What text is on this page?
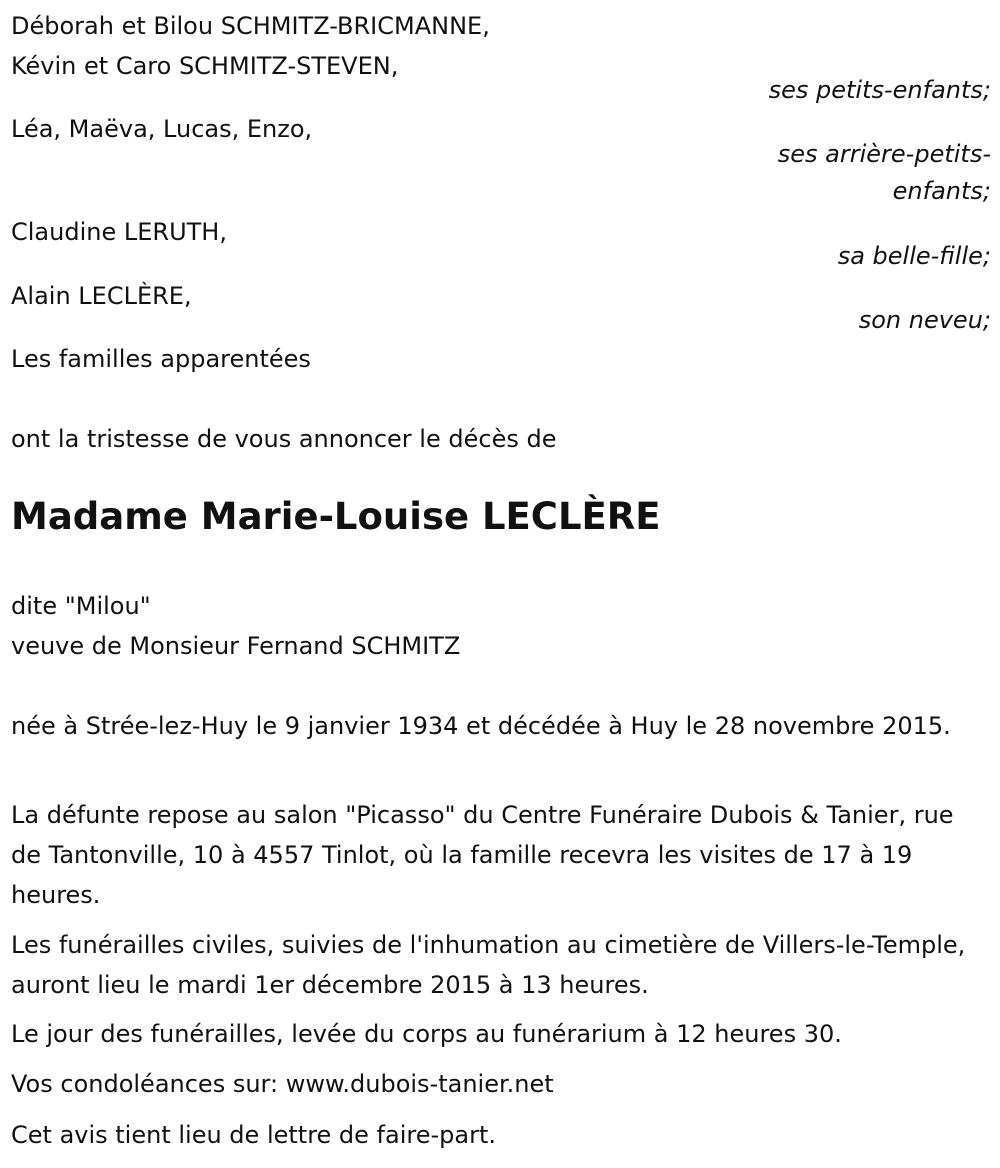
Déborah et Bilou SCHMITZ-BRICMANNE,
Kévin et Caro SCHMITZ-STEVEN,
ses petits-enfants;
Léa, Maëva, Lucas, Enzo,
ses arrière-petits-enfants;
Claudine LERUTH,
sa belle-fille;
Alain LECLÈRE,
son neveu;
Les familles apparentées
ont la tristesse de vous annoncer le décès de
Madame Marie-Louise LECLÈRE
dite "Milou"
veuve de Monsieur Fernand SCHMITZ
née à Strée-lez-Huy le 9 janvier 1934 et décédée à Huy le 28 novembre 2015.
La défunte repose au salon "Picasso" du Centre Funéraire Dubois & Tanier, rue de Tantonville, 10 à 4557 Tinlot, où la famille recevra les visites de 17 à 19 heures.
Les funérailles civiles, suivies de l'inhumation au cimetière de Villers-le-Temple, auront lieu le mardi 1er décembre 2015 à 13 heures.
Le jour des funérailles, levée du corps au funérarium à 12 heures 30.
Vos condoléances sur: www.dubois-tanier.net
Cet avis tient lieu de lettre de faire-part.
